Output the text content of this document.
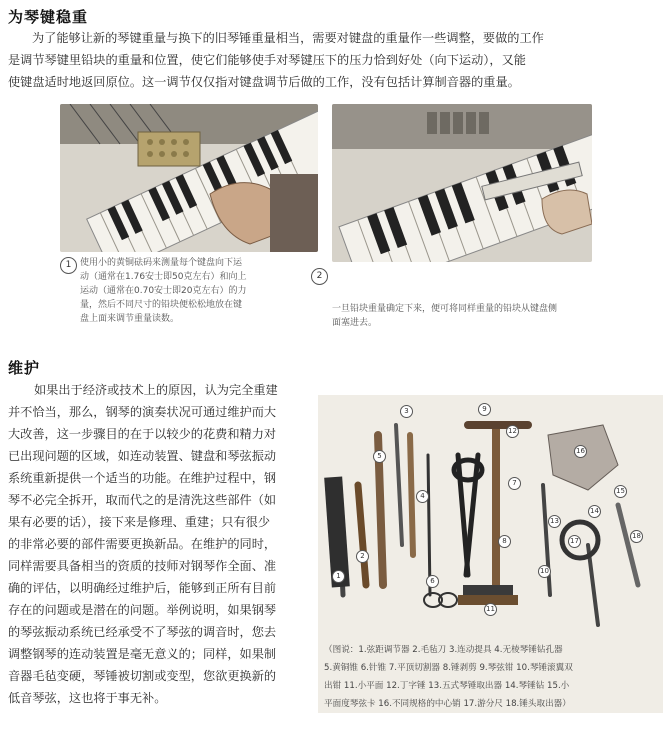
为琴键稳重
为了能够让新的琴键重量与换下的旧琴锤重量相当，需要对键盘的重量作一些调整，要做的工作
是调节琴键里铅块的重量和位置，使它们能够使手对琴键压下的压力恰到好处（向下运动），又能
使键盘适时地返回原位。这一调节仅仅指对键盘调节后做的工作，没有包括计算制音器的重量。
1 使用小的黄铜砝码来测量每个键盘向下运
动（通常在1.76安士即50克左右）和向上
运动（通常在0.70安士即20克左右）的力
量，然后不同尺寸的铅块便松松地放在键
盘上面来调节重量读数。
2
一旦铅块重量确定下来，便可将同样重量的铅块从键盘侧
面塞进去。
维护
如果出于经济或技术上的原因，认为完全重建
并不恰当，那么，钢琴的演奏状况可通过维护而大
大改善，这一步骤目的在于以较少的花费和精力对
已出现问题的区域，如连动装置、键盘和琴弦振动
系统重新提供一个适当的功能。在维护过程中，钢
琴不必完全拆开，取而代之的是清洗这些部件（如
果有必要的话），接下来是修理、重建；只有很少
的非常必要的部件需要更换新品。在维护的同时，
同样需要具备相当的资质的技师对钢琴作全面、准
确的评估，以明确经过维护后，能够到正所有目前
存在的问题或是潜在的问题。举例说明，如果钢琴
的琴弦振动系统已经承受不了琴弦的调音时，您去
调整钢琴的连动装置是毫无意义的；同样，如果制
音器毛毡变硬，琴锤被切割或变型，您欲更换新的
低音琴弦，这也将于事无补。
（图说：1.弦距调节器 2.毛毡刀 3.连动提具 4.无棱琴锤钻孔器
5.黄铜锥 6.针锥 7.平顶切割器 8.锤剥剪 9.琴弦钳 10.琴锤滚翼双
出钳 11.小平面 12.丁字锤 13.五式琴锤取出器 14.琴锤钻 15.小
平面度琴弦卡 16.不同规格的中心销 17.游分尺 18.锤头取出器）
1
2
3
4
5
6
7
8
9
10
11
12
13
14
15
16
17
18
